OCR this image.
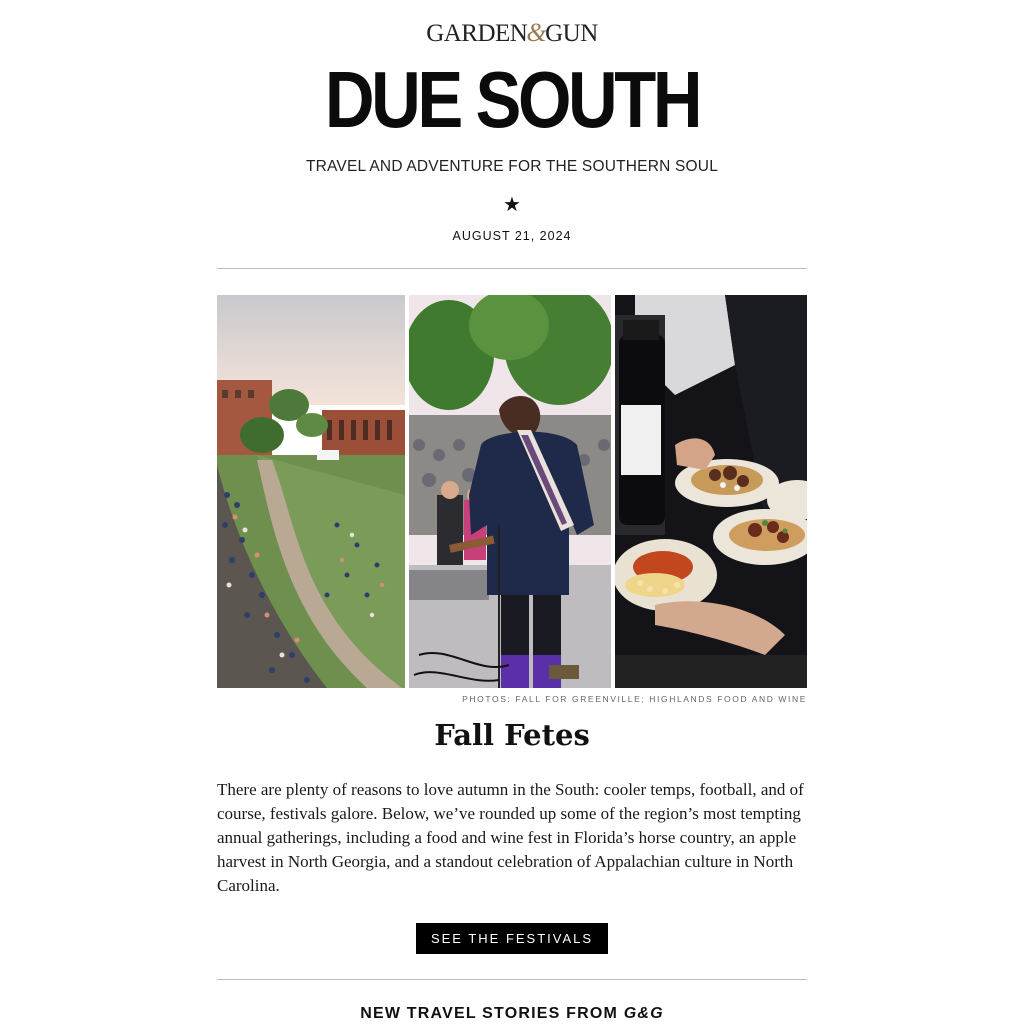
GARDEN&GUN
DUE SOUTH
TRAVEL AND ADVENTURE FOR THE SOUTHERN SOUL
★
AUGUST 21, 2024
PHOTOS: FALL FOR GREENVILLE; HIGHLANDS FOOD AND WINE
Fall Fetes
There are plenty of reasons to love autumn in the South: cooler temps, football, and of course, festivals galore. Below, we’ve rounded up some of the region’s most tempting annual gatherings, including a food and wine fest in Florida’s horse country, an apple harvest in North Georgia, and a standout celebration of Appalachian culture in North Carolina.
SEE THE FESTIVALS
NEW TRAVEL STORIES FROM G&G
